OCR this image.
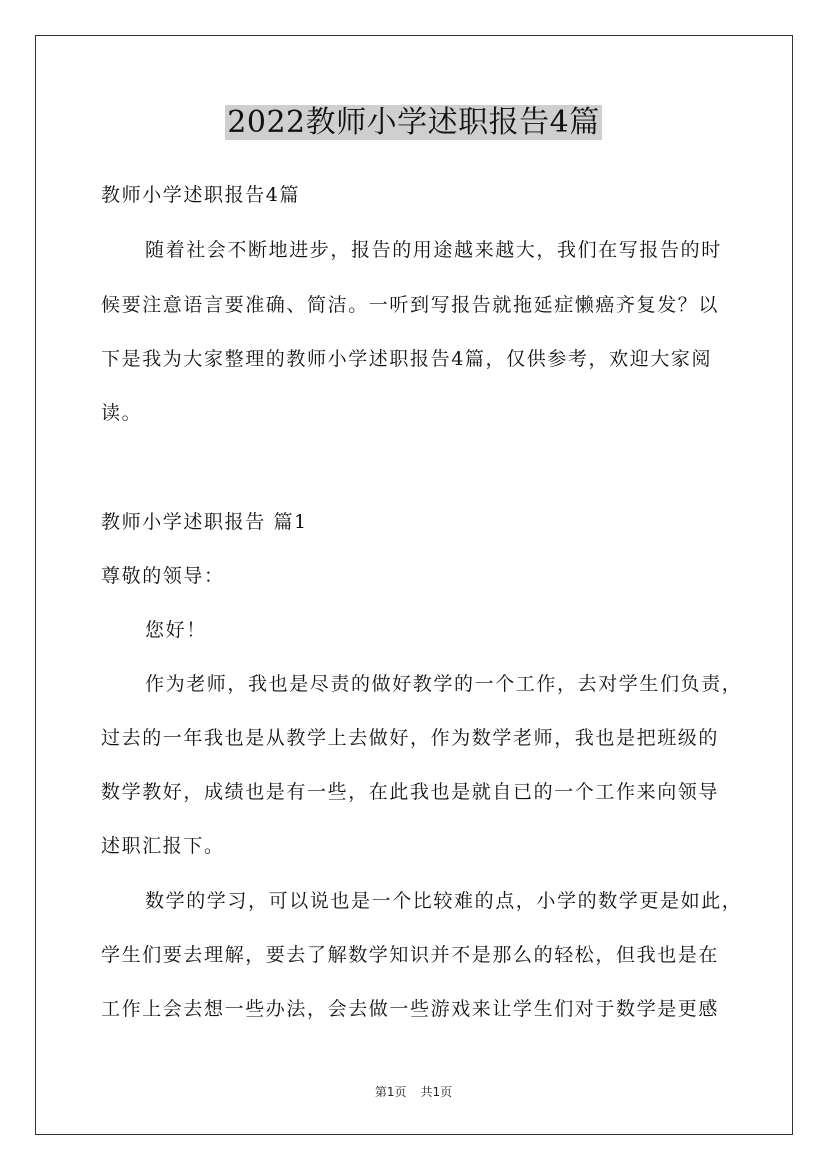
2022教师小学述职报告4篇
教师小学述职报告4篇
随着社会不断地进步，报告的用途越来越大，我们在写报告的时
候要注意语言要准确、简洁。一听到写报告就拖延症懒癌齐复发？以
下是我为大家整理的教师小学述职报告4篇，仅供参考，欢迎大家阅
读。
教师小学述职报告 篇1
尊敬的领导：
您好！
作为老师，我也是尽责的做好教学的一个工作，去对学生们负责，
过去的一年我也是从教学上去做好，作为数学老师，我也是把班级的
数学教好，成绩也是有一些，在此我也是就自已的一个工作来向领导
述职汇报下。
数学的学习，可以说也是一个比较难的点，小学的数学更是如此，
学生们要去理解，要去了解数学知识并不是那么的轻松，但我也是在
工作上会去想一些办法，会去做一些游戏来让学生们对于数学是更感
第1页 共1页
